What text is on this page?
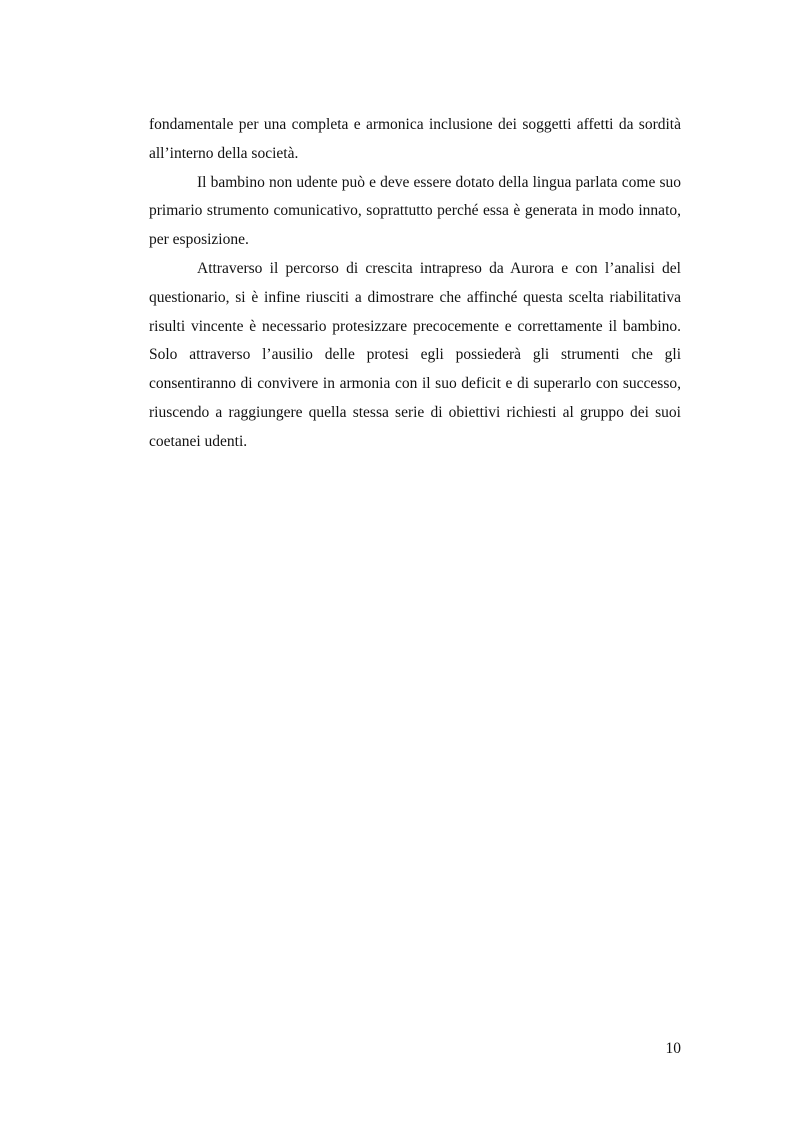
fondamentale per una completa e armonica inclusione dei soggetti affetti da sordità all’interno della società.

Il bambino non udente può e deve essere dotato della lingua parlata come suo primario strumento comunicativo, soprattutto perché essa è generata in modo innato, per esposizione.

Attraverso il percorso di crescita intrapreso da Aurora e con l’analisi del questionario, si è infine riusciti a dimostrare che affinché questa scelta riabilitativa risulti vincente è necessario protesizzare precocemente e correttamente il bambino. Solo attraverso l’ausilio delle protesi egli possiederà gli strumenti che gli consentiranno di convivere in armonia con il suo deficit e di superarlo con successo, riuscendo a raggiungere quella stessa serie di obiettivi richiesti al gruppo dei suoi coetanei udenti.

10
